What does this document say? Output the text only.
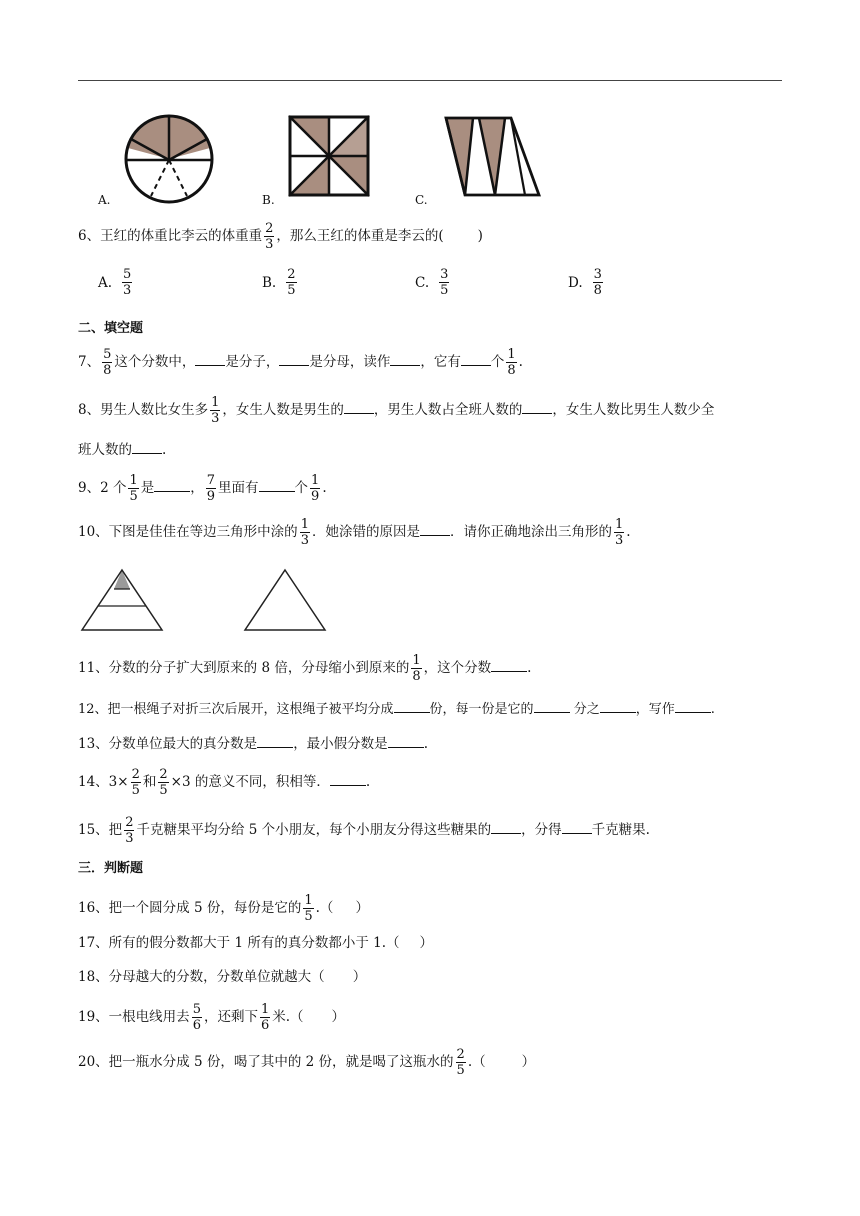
A.	B.	C.
6、王红的体重比李云的体重重 $\frac{2}{3}$ ，那么王红的体重是李云的(	)
A. $\frac{5}{3}$	B. $\frac{2}{5}$	C. $\frac{3}{5}$	D. $\frac{3}{8}$
二、填空题
7、 $\frac{5}{8}$ 这个分数中， 是分子， 是分母，读作 ，它有 个 $\frac{1}{8}$ .
8、男生人数比女生多 $\frac{1}{3}$ ，女生人数是男生的 ，男生人数占全班人数的 ，女生人数比男生人数少全
班人数的 .
9、2 个 $\frac{1}{5}$ 是	， $\frac{7}{9}$ 里面有	个 $\frac{1}{9}$ .
10、下图是佳佳在等边三角形中涂的 $\frac{1}{3}$ ．她涂错的原因是 ．请你正确地涂出三角形的 $\frac{1}{3}$ .
11、分数的分子扩大到原来的 8 倍，分母缩小到原来的 $\frac{1}{8}$ ，这个分数	.
12、把一根绳子对折三次后展开，这根绳子被平均分成	份，每一份是它的	分之	，写作	.
13、分数单位最大的真分数是	，最小假分数是	.
14、$3\times \frac{2}{5}$ 和 $\frac{2}{5} \times 3$ 的意义不同，积相等．	.
15、把 $\frac{2}{3}$ 千克糖果平均分给 5 个小朋友，每个小朋友分得这些糖果的 ，分得 千克糖果.
三．判断题
16、把一个圆分成 5 份，每份是它的 $\frac{1}{5}$ .（ ）
17、所有的假分数都大于 1 所有的真分数都小于 1.（ ）
18、分母越大的分数，分数单位就越大（ ）
19、一根电线用去 $\frac{5}{6}$ ，还剩下 $\frac{1}{6}$ 米.（ ）
20、把一瓶水分成 5 份，喝了其中的 2 份，就是喝了这瓶水的 $\frac{2}{5}$ .（	）
